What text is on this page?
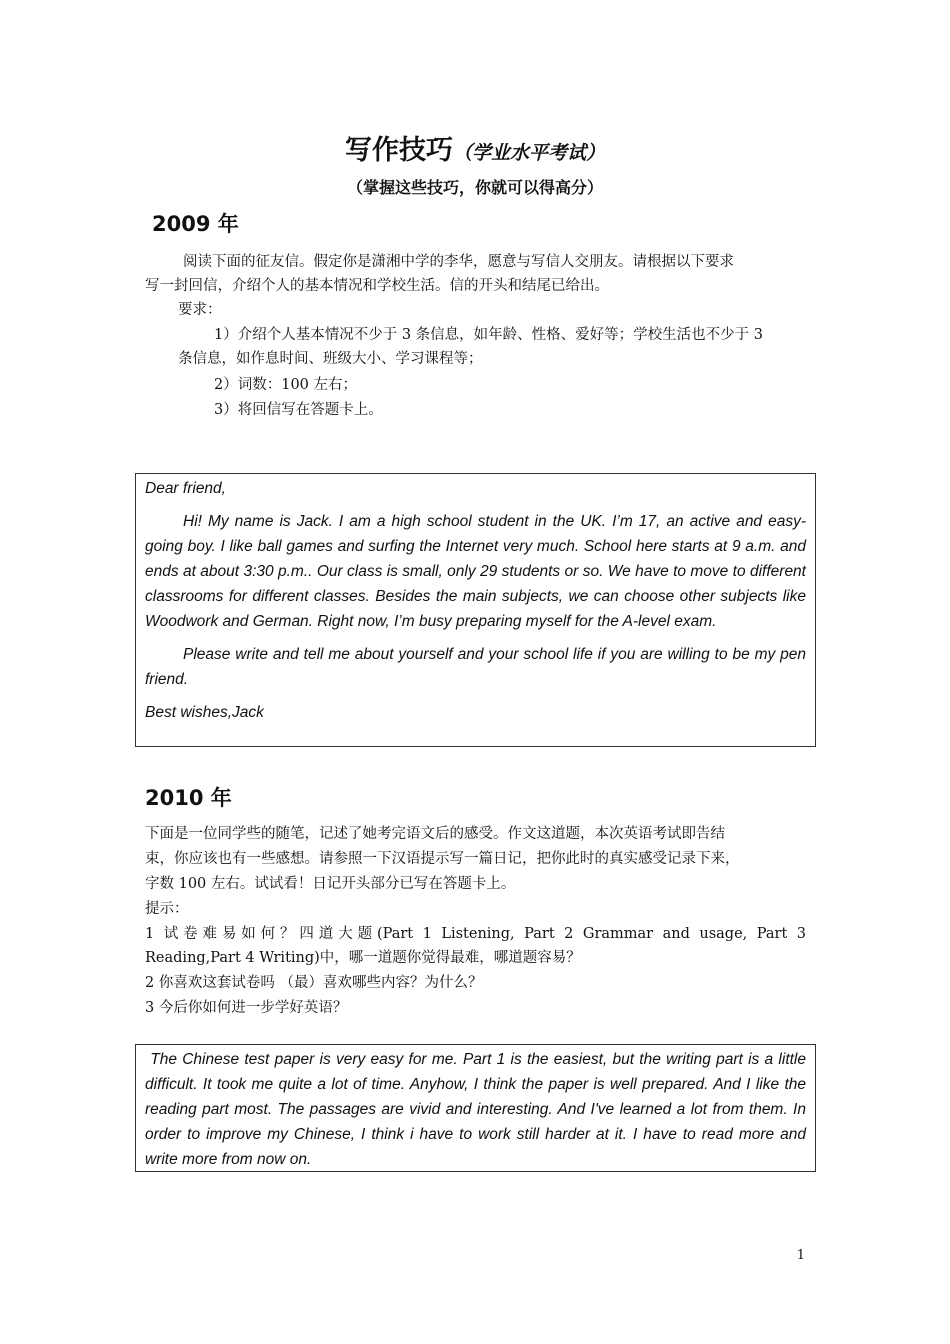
写作技巧（学业水平考试）
（掌握这些技巧，你就可以得高分）
2009 年
阅读下面的征友信。假定你是潇湘中学的李华，愿意与写信人交朋友。请根据以下要求
写一封回信，介绍个人的基本情况和学校生活。信的开头和结尾已给出。
要求：
1）介绍个人基本情况不少于 3 条信息，如年龄、性格、爱好等；学校生活也不少于 3
条信息，如作息时间、班级大小、学习课程等；
2）词数：100 左右；
3）将回信写在答题卡上。

Dear friend,

Hi! My name is Jack. I am a high school student in the UK. I’m 17, an active and easy-going boy. I like ball games and surfing the Internet very much. School here starts at 9 a.m. and ends at about 3:30 p.m.. Our class is small, only 29 students or so. We have to move to different classrooms for different classes. Besides the main subjects, we can choose other subjects like Woodwork and German. Right now, I’m busy preparing myself for the A-level exam.

Please write and tell me about yourself and your school life if you are willing to be my pen friend.

Best wishes,Jack

2010 年
下面是一位同学些的随笔，记述了她考完语文后的感受。作文这道题，本次英语考试即告结
束，你应该也有一些感想。请参照一下汉语提示写一篇日记，把你此时的真实感受记录下来，
字数 100 左右。试试看！日记开头部分已写在答题卡上。
提示：
1  试 卷 难 易 如 何 ？ 四 道 大 题 (Part  1  Listening,  Part  2  Grammar  and  usage,  Part  3
Reading,Part 4 Writing)中，哪一道题你觉得最难，哪道题容易？
2 你喜欢这套试卷吗 （最）喜欢哪些内容？为什么？
3 今后你如何进一步学好英语？

The Chinese test paper is very easy for me. Part 1 is the easiest, but the writing part is a little difficult. It took me quite a lot of time. Anyhow, I think the paper is well prepared. And I like the reading part most. The passages are vivid and interesting. And I've learned a lot from them. In order to improve my Chinese, I think i have to work still harder at it. I have to read more and write more from now on.

1
